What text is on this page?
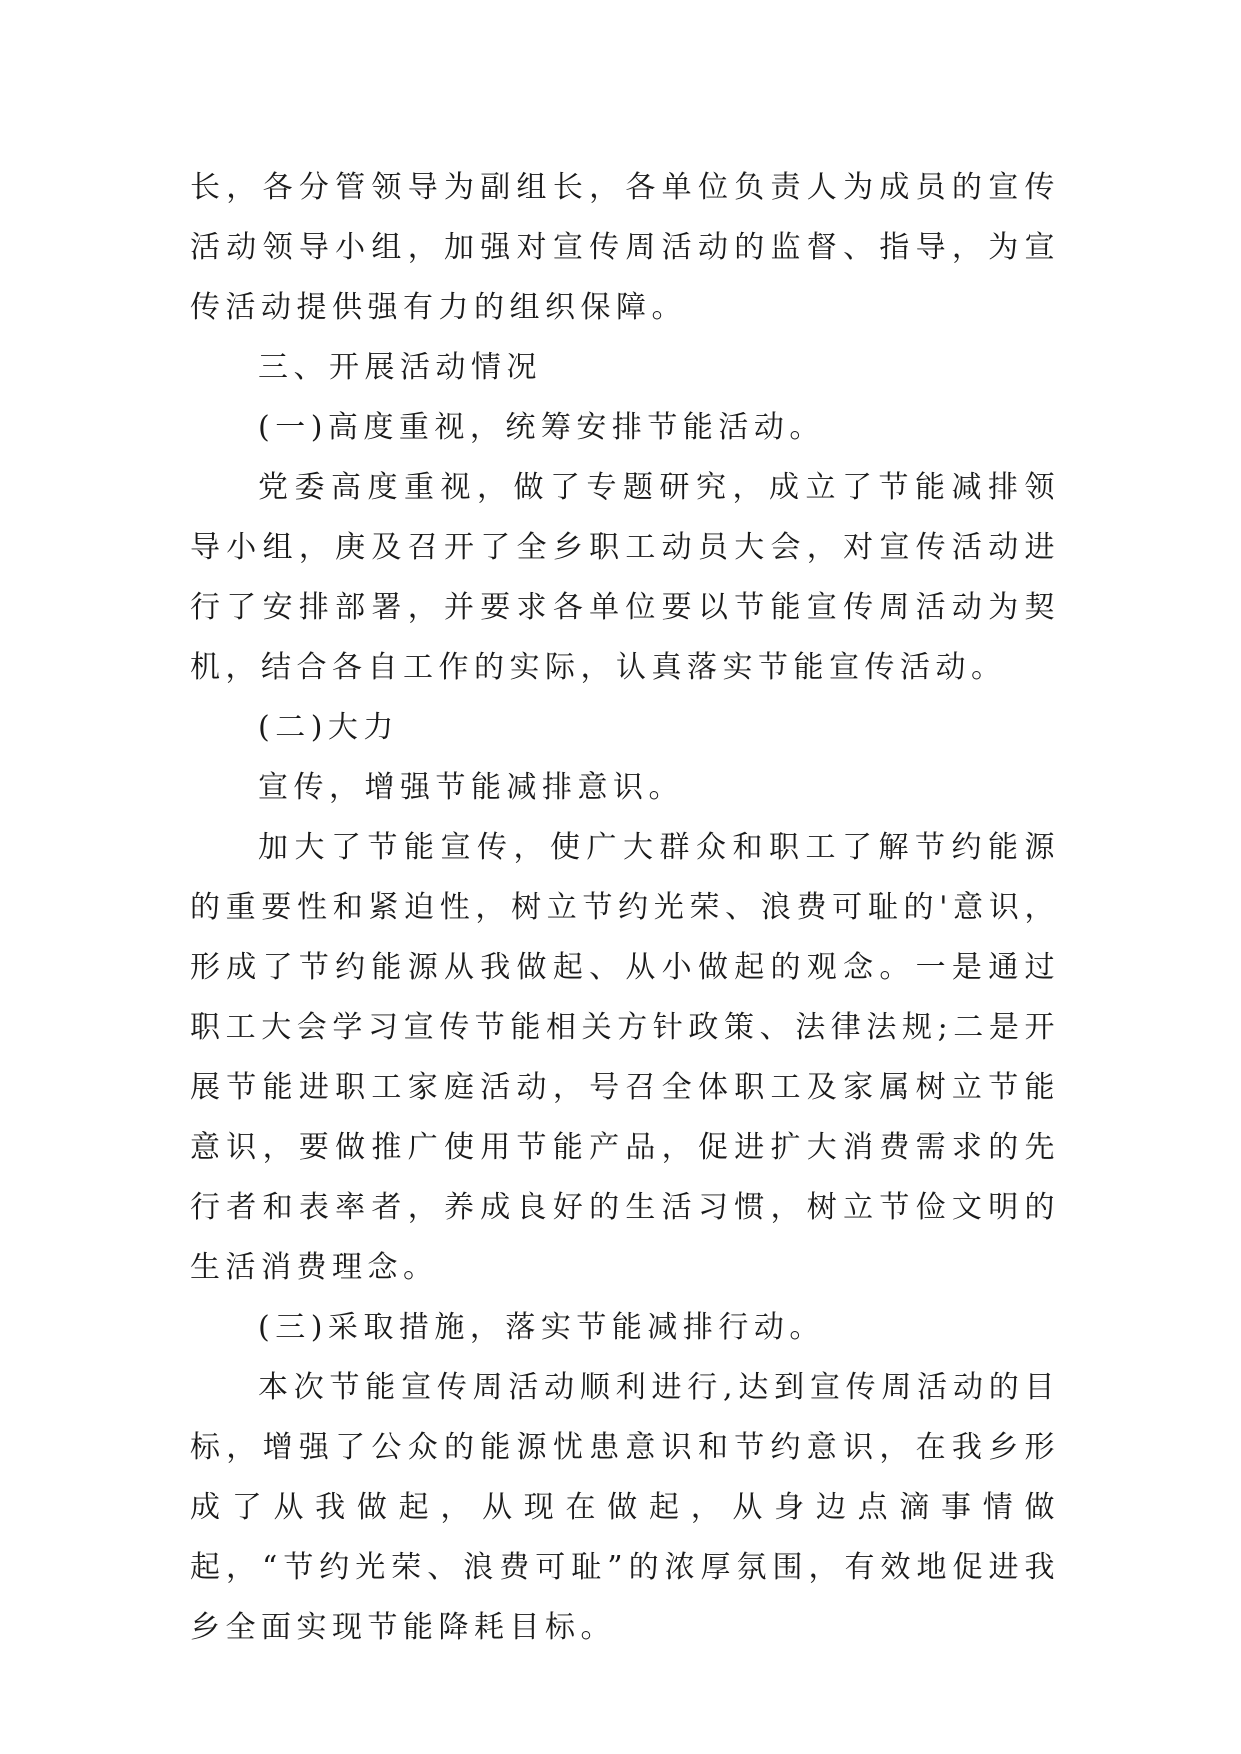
长，各分管领导为副组长，各单位负责人为成员的宣传活动领导小组，加强对宣传周活动的监督、指导，为宣传活动提供强有力的组织保障。

三、开展活动情况

(一)高度重视，统筹安排节能活动。

党委高度重视，做了专题研究，成立了节能减排领导小组，庚及召开了全乡职工动员大会，对宣传活动进行了安排部署，并要求各单位要以节能宣传周活动为契机，结合各自工作的实际，认真落实节能宣传活动。

(二)大力

宣传，增强节能减排意识。

加大了节能宣传，使广大群众和职工了解节约能源的重要性和紧迫性，树立节约光荣、浪费可耻的'意识，形成了节约能源从我做起、从小做起的观念。一是通过职工大会学习宣传节能相关方针政策、法律法规;二是开展节能进职工家庭活动，号召全体职工及家属树立节能意识，要做推广使用节能产品，促进扩大消费需求的先行者和表率者，养成良好的生活习惯，树立节俭文明的生活消费理念。

(三)采取措施，落实节能减排行动。

本次节能宣传周活动顺利进行,达到宣传周活动的目标，增强了公众的能源忧患意识和节约意识，在我乡形成了从我做起，从现在做起，从身边点滴事情做起，“节约光荣、浪费可耻”的浓厚氛围，有效地促进我乡全面实现节能降耗目标。
